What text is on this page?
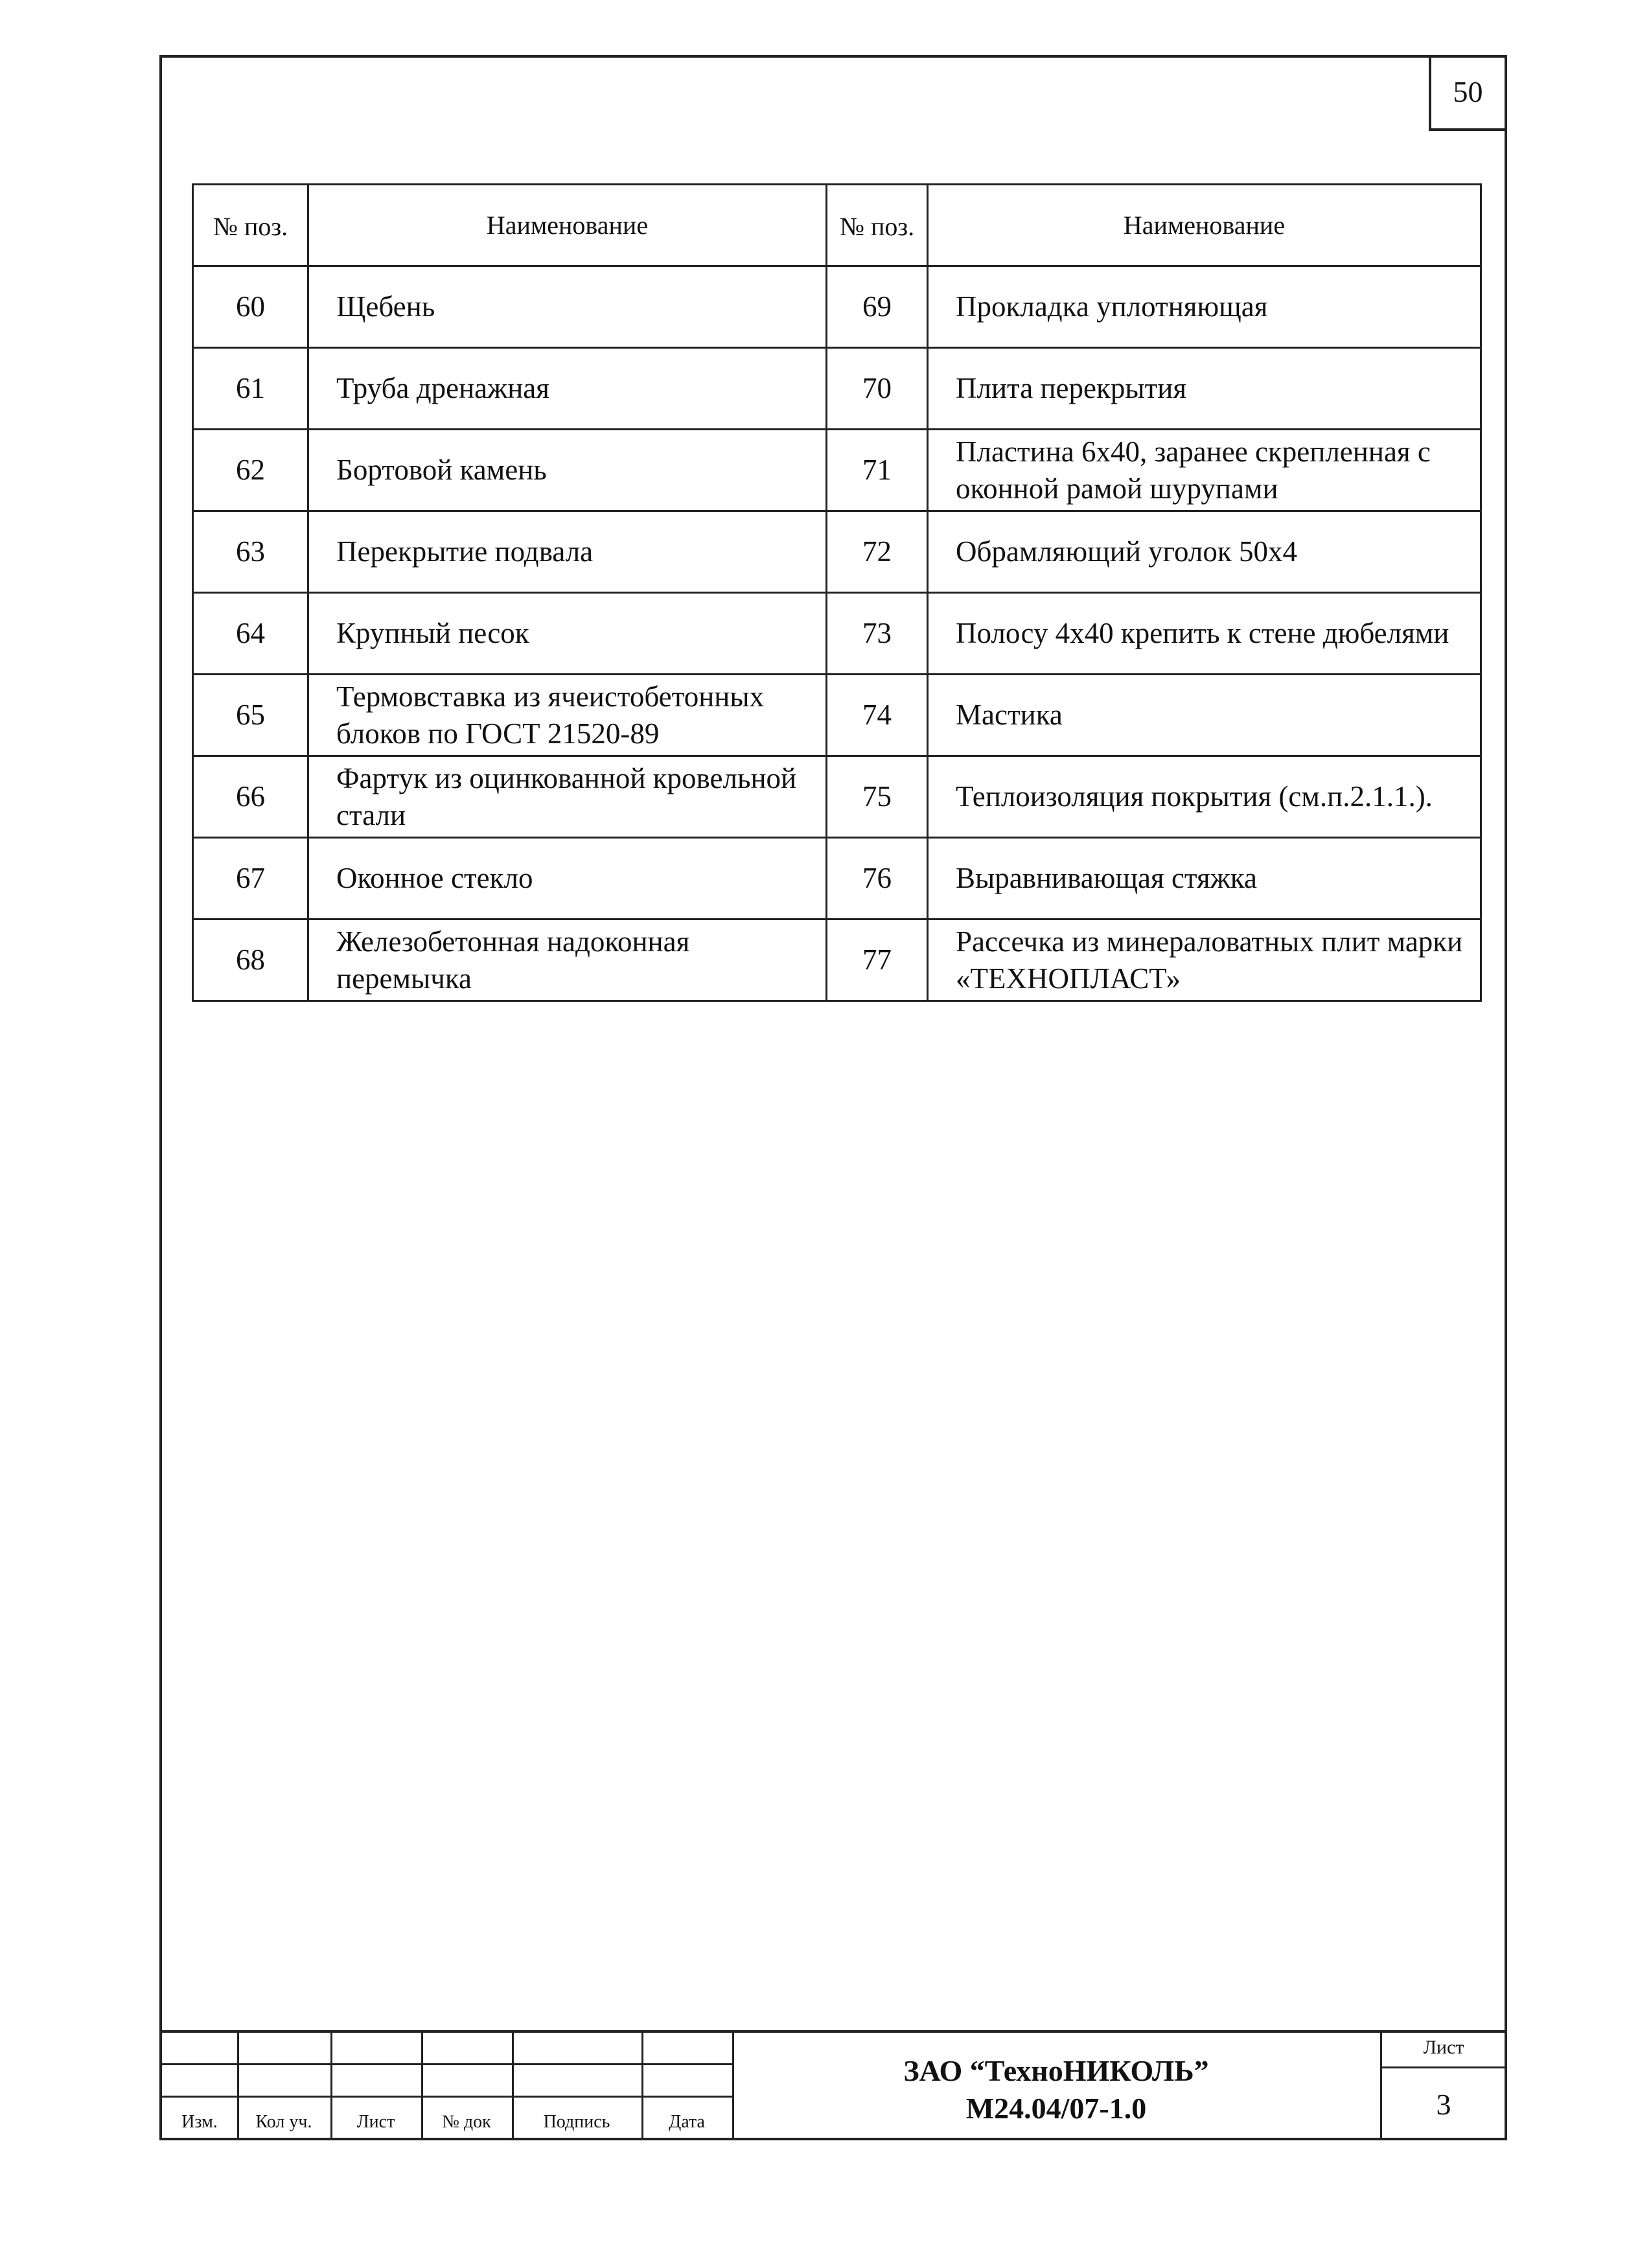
50
№ поз.	Наименование	№ поз.	Наименование
60	Щебень	69	Прокладка уплотняющая
61	Труба дренажная	70	Плита перекрытия
62	Бортовой камень	71	Пластина 6х40, заранее скрепленная с оконной рамой шурупами
63	Перекрытие подвала	72	Обрамляющий уголок 50х4
64	Крупный песок	73	Полосу 4х40 крепить к стене дюбелями
65	Термовставка из ячеистобетонных блоков по ГОСТ 21520-89	74	Мастика
66	Фартук из оцинкованной кровельной стали	75	Теплоизоляция покрытия (см.п.2.1.1.).
67	Оконное стекло	76	Выравнивающая стяжка
68	Железобетонная надоконная перемычка	77	Рассечка из минераловатных плит марки «ТЕХНОПЛАСТ»
Изм.	Кол уч.	Лист	№ док	Подпись	Дата
ЗАО “ТехноНИКОЛЬ”
М24.04/07-1.0
Лист
3
